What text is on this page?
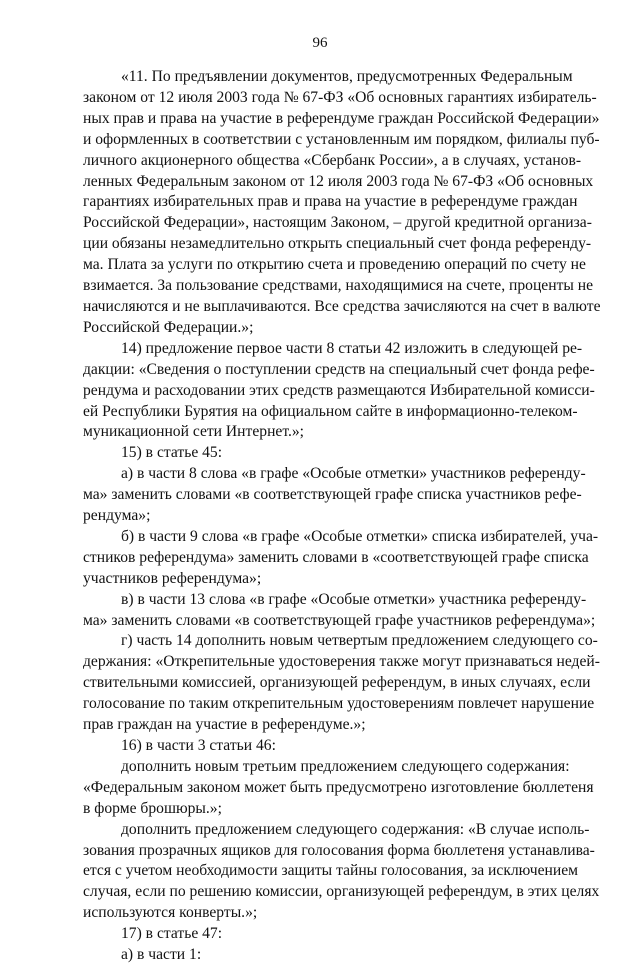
96
«11. По предъявлении документов, предусмотренных Федеральным
законом от 12 июля 2003 года № 67-ФЗ «Об основных гарантиях избиратель-
ных прав и права на участие в референдуме граждан Российской Федерации»
и оформленных в соответствии с установленным им порядком, филиалы пуб-
личного акционерного общества «Сбербанк России», а в случаях, установ-
ленных Федеральным законом от 12 июля 2003 года № 67-ФЗ «Об основных
гарантиях избирательных прав и права на участие в референдуме граждан
Российской Федерации», настоящим Законом, – другой кредитной организа-
ции обязаны незамедлительно открыть специальный счет фонда референду-
ма. Плата за услуги по открытию счета и проведению операций по счету не
взимается. За пользование средствами, находящимися на счете, проценты не
начисляются и не выплачиваются. Все средства зачисляются на счет в валюте
Российской Федерации.»;
14) предложение первое части 8 статьи 42 изложить в следующей ре-
дакции: «Сведения о поступлении средств на специальный счет фонда рефе-
рендума и расходовании этих средств размещаются Избирательной комисси-
ей Республики Бурятия на официальном сайте в информационно-телеком-
муникационной сети Интернет.»;
15) в статье 45:
а) в части 8 слова «в графе «Особые отметки» участников референду-
ма» заменить словами «в соответствующей графе списка участников рефе-
рендума»;
б) в части 9 слова «в графе «Особые отметки» списка избирателей, уча-
стников референдума» заменить словами в «соответствующей графе списка
участников референдума»;
в) в части 13 слова «в графе «Особые отметки» участника референду-
ма» заменить словами «в соответствующей графе участников референдума»;
г) часть 14 дополнить новым четвертым предложением следующего со-
держания: «Открепительные удостоверения также могут признаваться недей-
ствительными комиссией, организующей референдум, в иных случаях, если
голосование по таким открепительным удостоверениям повлечет нарушение
прав граждан на участие в референдуме.»;
16) в части 3 статьи 46:
дополнить новым третьим предложением следующего содержания:
«Федеральным законом может быть предусмотрено изготовление бюллетеня
в форме брошюры.»;
дополнить предложением следующего содержания: «В случае исполь-
зования прозрачных ящиков для голосования форма бюллетеня устанавлива-
ется с учетом необходимости защиты тайны голосования, за исключением
случая, если по решению комиссии, организующей референдум, в этих целях
используются конверты.»;
17) в статье 47:
а) в части 1:
